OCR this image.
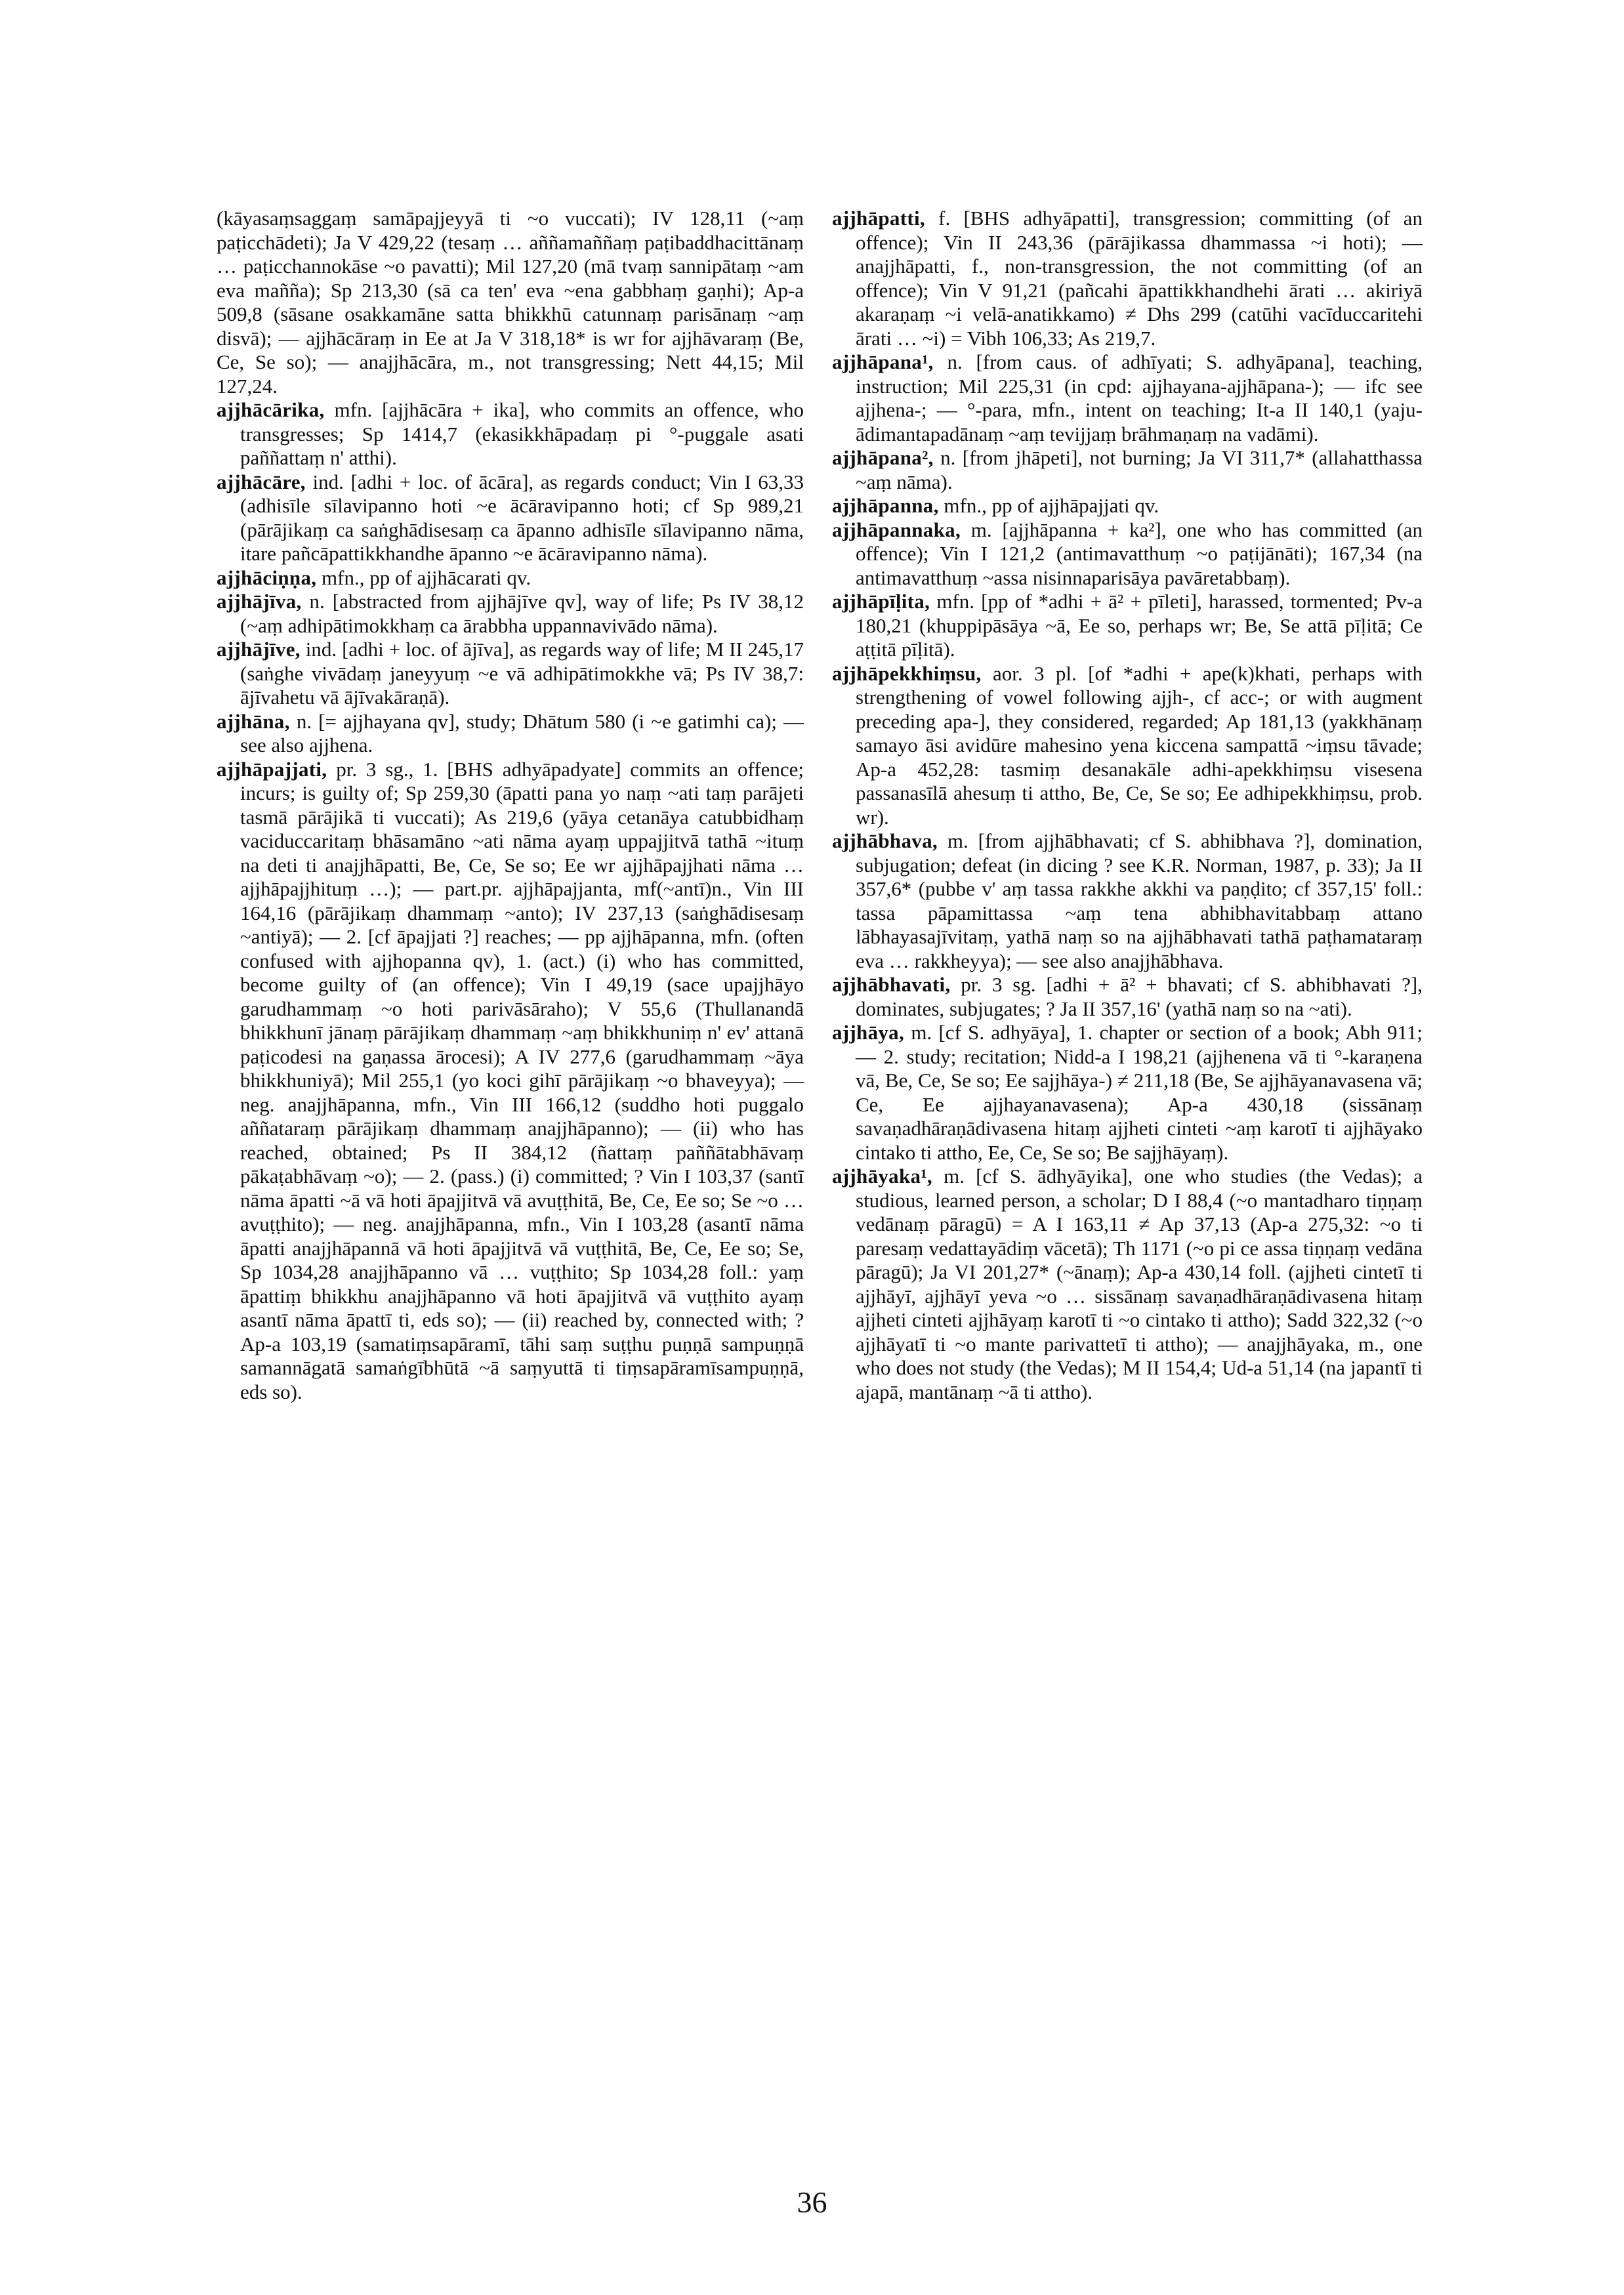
(kāyasaṃsaggaṃ samāpajjeyyā ti ~o vuccati); IV 128,11 (~aṃ paṭicchādeti); Ja V 429,22 (tesaṃ … aññamaññaṃ paṭibaddhacittānaṃ … paṭicchannokāse ~o pavatti); Mil 127,20 (mā tvaṃ sannipātaṃ ~am eva mañña); Sp 213,30 (sā ca ten' eva ~ena gabbhaṃ gaṇhi); Ap-a 509,8 (sāsane osakkamāne satta bhikkhū catunnaṃ parisānaṃ ~aṃ disvā); — ajjhācāraṃ in Ee at Ja V 318,18* is wr for ajjhāvaraṃ (Be, Ce, Se so); — anajjhācāra, m., not transgressing; Nett 44,15; Mil 127,24.

ajjhācārika, mfn. [ajjhācāra + ika], who commits an offence, who transgresses; Sp 1414,7 (ekasikkhāpadaṃ pi °-puggale asati paññattaṃ n' atthi).

ajjhācāre, ind. [adhi + loc. of ācāra], as regards conduct; Vin I 63,33 (adhisīle sīlavipanno hoti ~e ācāravipanno hoti; cf Sp 989,21 (pārājikaṃ ca saṅghādisesaṃ ca āpanno adhisīle sīlavipanno nāma, itare pañcāpattikkhandhe āpanno ~e ācāravipanno nāma).

ajjhāciṇṇa, mfn., pp of ajjhācarati qv.

ajjhājīva, n. [abstracted from ajjhājīve qv], way of life; Ps IV 38,12 (~aṃ adhipātimokkhaṃ ca ārabbha uppannavivādo nāma).

ajjhājīve, ind. [adhi + loc. of ājīva], as regards way of life; M II 245,17 (saṅghe vivādaṃ janeyyuṃ ~e vā adhipātimokkhe vā; Ps IV 38,7: ājīvahetu vā ājīvakāraṇā).

ajjhāna, n. [= ajjhayana qv], study; Dhātum 580 (i ~e gatimhi ca); — see also ajjhena.

ajjhāpajjati, pr. 3 sg., 1. [BHS adhyāpadyate] commits an offence; incurs; is guilty of; Sp 259,30 (āpatti pana yo naṃ ~ati taṃ parājeti tasmā pārājikā ti vuccati); As 219,6 (yāya cetanāya catubbidhaṃ vaciduccaritaṃ bhāsamāno ~ati nāma ayaṃ uppajjitvā tathā ~ituṃ na deti ti anajjhāpatti, Be, Ce, Se so; Ee wr ajjhāpajjhati nāma … ajjhāpajjhituṃ …); — part.pr. ajjhāpajjanta, mf(~antī)n., Vin III 164,16 (pārājikaṃ dhammaṃ ~anto); IV 237,13 (saṅghādisesaṃ ~antiyā); — 2. [cf āpajjati ?] reaches; — pp ajjhāpanna, mfn. (often confused with ajjhopanna qv), 1. (act.) (i) who has committed, become guilty of (an offence); Vin I 49,19 (sace upajjhāyo garudhammaṃ ~o hoti parivāsāraho); V 55,6 (Thullanandā bhikkhunī jānaṃ pārājikaṃ dhammaṃ ~aṃ bhikkhuniṃ n' ev' attanā paṭicodesi na gaṇassa ārocesi); A IV 277,6 (garudhammaṃ ~āya bhikkhuniyā); Mil 255,1 (yo koci gihī pārājikaṃ ~o bhaveyya); — neg. anajjhāpanna, mfn., Vin III 166,12 (suddho hoti puggalo aññataraṃ pārājikaṃ dhammaṃ anajjhāpanno); — (ii) who has reached, obtained; Ps II 384,12 (ñattaṃ paññātabhāvaṃ pākaṭabhāvaṃ ~o); — 2. (pass.) (i) committed; ? Vin I 103,37 (santī nāma āpatti ~ā vā hoti āpajjitvā vā avuṭṭhitā, Be, Ce, Ee so; Se ~o … avuṭṭhito); — neg. anajjhāpanna, mfn., Vin I 103,28 (asantī nāma āpatti anajjhāpannā vā hoti āpajjitvā vā vuṭṭhitā, Be, Ce, Ee so; Se, Sp 1034,28 anajjhāpanno vā … vuṭṭhito; Sp 1034,28 foll.: yaṃ āpattiṃ bhikkhu anajjhāpanno vā hoti āpajjitvā vā vuṭṭhito ayaṃ asantī nāma āpattī ti, eds so); — (ii) reached by, connected with; ? Ap-a 103,19 (samatiṃsapāramī, tāhi saṃ suṭṭhu puṇṇā sampuṇṇā samannāgatā samaṅgībhūtā ~ā saṃyuttā ti tiṃsapāramīsampuṇṇā, eds so).

ajjhāpatti, f. [BHS adhyāpatti], transgression; committing (of an offence); Vin II 243,36 (pārājikassa dhammassa ~i hoti); — anajjhāpatti, f., non-transgression, the not committing (of an offence); Vin V 91,21 (pañcahi āpattikkhandhehi ārati … akiriyā akaraṇaṃ ~i velā-anatikkamo) ≠ Dhs 299 (catūhi vacīduccaritehi ārati … ~i) = Vibh 106,33; As 219,7.

ajjhāpana¹, n. [from caus. of adhīyati; S. adhyāpana], teaching, instruction; Mil 225,31 (in cpd: ajjhayana-ajjhāpana-); — ifc see ajjhena-; — °-para, mfn., intent on teaching; It-a II 140,1 (yaju-ādimantapadānaṃ ~aṃ tevijjaṃ brāhmaṇaṃ na vadāmi).

ajjhāpana², n. [from jhāpeti], not burning; Ja VI 311,7* (allahatthassa ~aṃ nāma).

ajjhāpanna, mfn., pp of ajjhāpajjati qv.

ajjhāpannaka, m. [ajjhāpanna + ka²], one who has committed (an offence); Vin I 121,2 (antimavatthuṃ ~o paṭijānāti); 167,34 (na antimavatthuṃ ~assa nisinnaparisāya pavāretabbaṃ).

ajjhāpīḷita, mfn. [pp of *adhi + ā² + pīleti], harassed, tormented; Pv-a 180,21 (khuppipāsāya ~ā, Ee so, perhaps wr; Be, Se attā pīḷitā; Ce aṭṭitā pīḷitā).

ajjhāpekkhiṃsu, aor. 3 pl. [of *adhi + ape(k)khati, perhaps with strengthening of vowel following ajjh-, cf acc-; or with augment preceding apa-], they considered, regarded; Ap 181,13 (yakkhānaṃ samayo āsi avidūre mahesino yena kiccena sampattā ~iṃsu tāvade; Ap-a 452,28: tasmiṃ desanakāle adhi-apekkhiṃsu visesena passanasīlā ahesuṃ ti attho, Be, Ce, Se so; Ee adhipekkhiṃsu, prob. wr).

ajjhābhava, m. [from ajjhābhavati; cf S. abhibhava ?], domination, subjugation; defeat (in dicing ? see K.R. Norman, 1987, p. 33); Ja II 357,6* (pubbe v' aṃ tassa rakkhe akkhi va paṇḍito; cf 357,15' foll.: tassa pāpamittassa ~aṃ tena abhibhavitabbaṃ attano lābhayasajīvitaṃ, yathā naṃ so na ajjhābhavati tathā paṭhamataraṃ eva … rakkheyya); — see also anajjhābhava.

ajjhābhavati, pr. 3 sg. [adhi + ā² + bhavati; cf S. abhibhavati ?], dominates, subjugates; ? Ja II 357,16' (yathā naṃ so na ~ati).

ajjhāya, m. [cf S. adhyāya], 1. chapter or section of a book; Abh 911; — 2. study; recitation; Nidd-a I 198,21 (ajjhenena vā ti °-karaṇena vā, Be, Ce, Se so; Ee sajjhāya-) ≠ 211,18 (Be, Se ajjhāyanavasena vā; Ce, Ee ajjhayanavasena); Ap-a 430,18 (sissānaṃ savaṇadhāraṇādivasena hitaṃ ajjheti cinteti ~aṃ karotī ti ajjhāyako cintako ti attho, Ee, Ce, Se so; Be sajjhāyaṃ).

ajjhāyaka¹, m. [cf S. ādhyāyika], one who studies (the Vedas); a studious, learned person, a scholar; D I 88,4 (~o mantadharo tiṇṇaṃ vedānaṃ pāragū) = A I 163,11 ≠ Ap 37,13 (Ap-a 275,32: ~o ti paresaṃ vedattayādiṃ vācetā); Th 1171 (~o pi ce assa tiṇṇaṃ vedāna pāragū); Ja VI 201,27* (~ānaṃ); Ap-a 430,14 foll. (ajjheti cintetī ti ajjhāyī, ajjhāyī yeva ~o … sissānaṃ savaṇadhāraṇādivasena hitaṃ ajjheti cinteti ajjhāyaṃ karotī ti ~o cintako ti attho); Sadd 322,32 (~o ajjhāyatī ti ~o mante parivattetī ti attho); — anajjhāyaka, m., one who does not study (the Vedas); M II 154,4; Ud-a 51,14 (na japantī ti ajapā, mantānaṃ ~ā ti attho).

36
